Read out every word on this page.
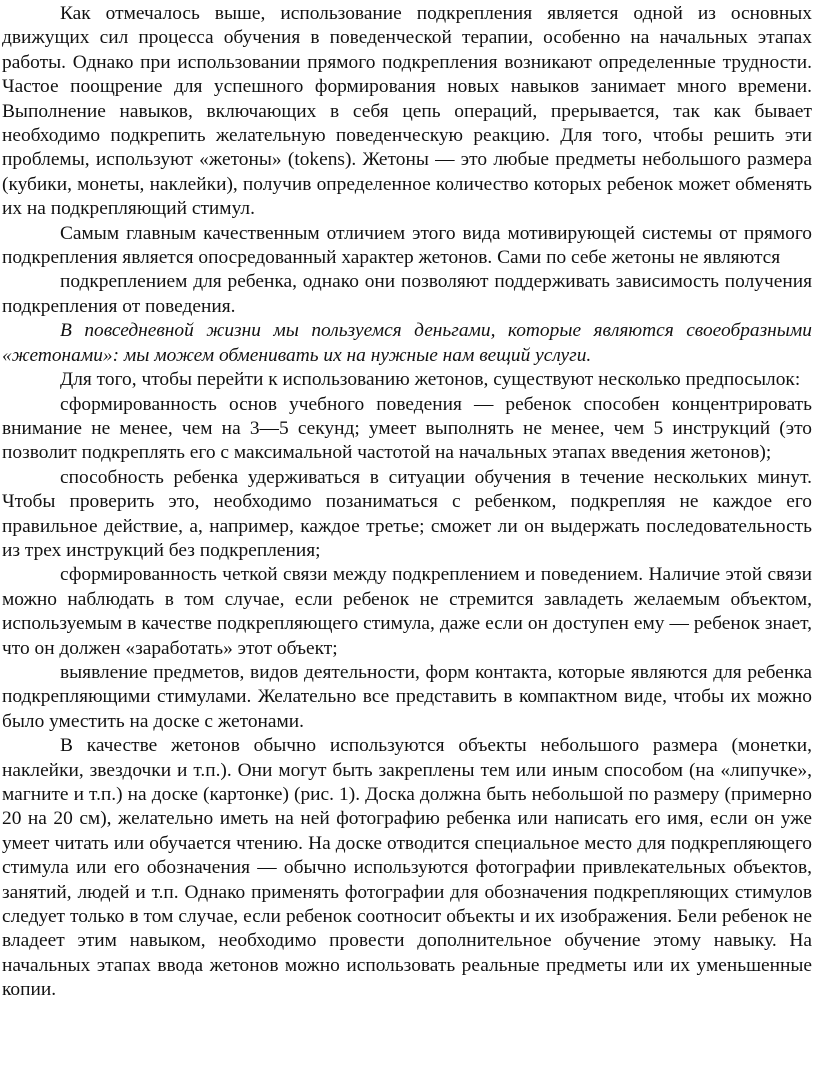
Как отмечалось выше, использование подкрепления является одной из основных движущих сил процесса обучения в поведенческой терапии, особенно на начальных этапах работы. Однако при использовании прямого подкрепления возникают определенные трудности. Частое поощрение для успешного формирования новых навыков занимает много времени. Выполнение навыков, включающих в себя цепь операций, прерывается, так как бывает необходимо подкрепить желательную поведенческую реакцию. Для того, чтобы решить эти проблемы, используют «жетоны» (tokens). Жетоны — это любые предметы небольшого размера (кубики, монеты, наклейки), получив определенное количество которых ребенок может обменять их на подкрепляющий стимул.

Самым главным качественным отличием этого вида мотивирующей системы от прямого подкрепления является опосредованный характер жетонов. Сами по себе жетоны не являются

подкреплением для ребенка, однако они позволяют поддерживать зависимость получения подкрепления от поведения.

В повседневной жизни мы пользуемся деньгами, которые являются своеобразными «жетонами»: мы можем обменивать их на нужные нам вещий услуги.

Для того, чтобы перейти к использованию жетонов, существуют несколько предпосылок:

сформированность основ учебного поведения — ребенок способен концентрировать внимание не менее, чем на 3—5 секунд; умеет выполнять не менее, чем 5 инструкций (это позволит подкреплять его с максимальной частотой на начальных этапах введения жетонов);

способность ребенка удерживаться в ситуации обучения в течение нескольких минут. Чтобы проверить это, необходимо позаниматься с ребенком, подкрепляя не каждое его правильное действие, а, например, каждое третье; сможет ли он выдержать последовательность из трех инструкций без подкрепления;

сформированность четкой связи между подкреплением и поведением. Наличие этой связи можно наблюдать в том случае, если ребенок не стремится завладеть желаемым объектом, используемым в качестве подкрепляющего стимула, даже если он доступен ему — ребенок знает, что он должен «заработать» этот объект;

выявление предметов, видов деятельности, форм контакта, которые являются для ребенка подкрепляющими стимулами. Желательно все представить в компактном виде, чтобы их можно было уместить на доске с жетонами.

В качестве жетонов обычно используются объекты небольшого размера (монетки, наклейки, звездочки и т.п.). Они могут быть закреплены тем или иным способом (на «липучке», магните и т.п.) на доске (картонке) (рис. 1). Доска должна быть небольшой по размеру (примерно 20 на 20 см), желательно иметь на ней фотографию ребенка или написать его имя, если он уже умеет читать или обучается чтению. На доске отводится специальное место для подкрепляющего стимула или его обозначения — обычно используются фотографии привлекательных объектов, занятий, людей и т.п. Однако применять фотографии для обозначения подкрепляющих стимулов следует только в том случае, если ребенок соотносит объекты и их изображения. Бели ребенок не владеет этим навыком, необходимо провести дополнительное обучение этому навыку. На начальных этапах ввода жетонов можно использовать реальные предметы или их уменьшенные копии.
